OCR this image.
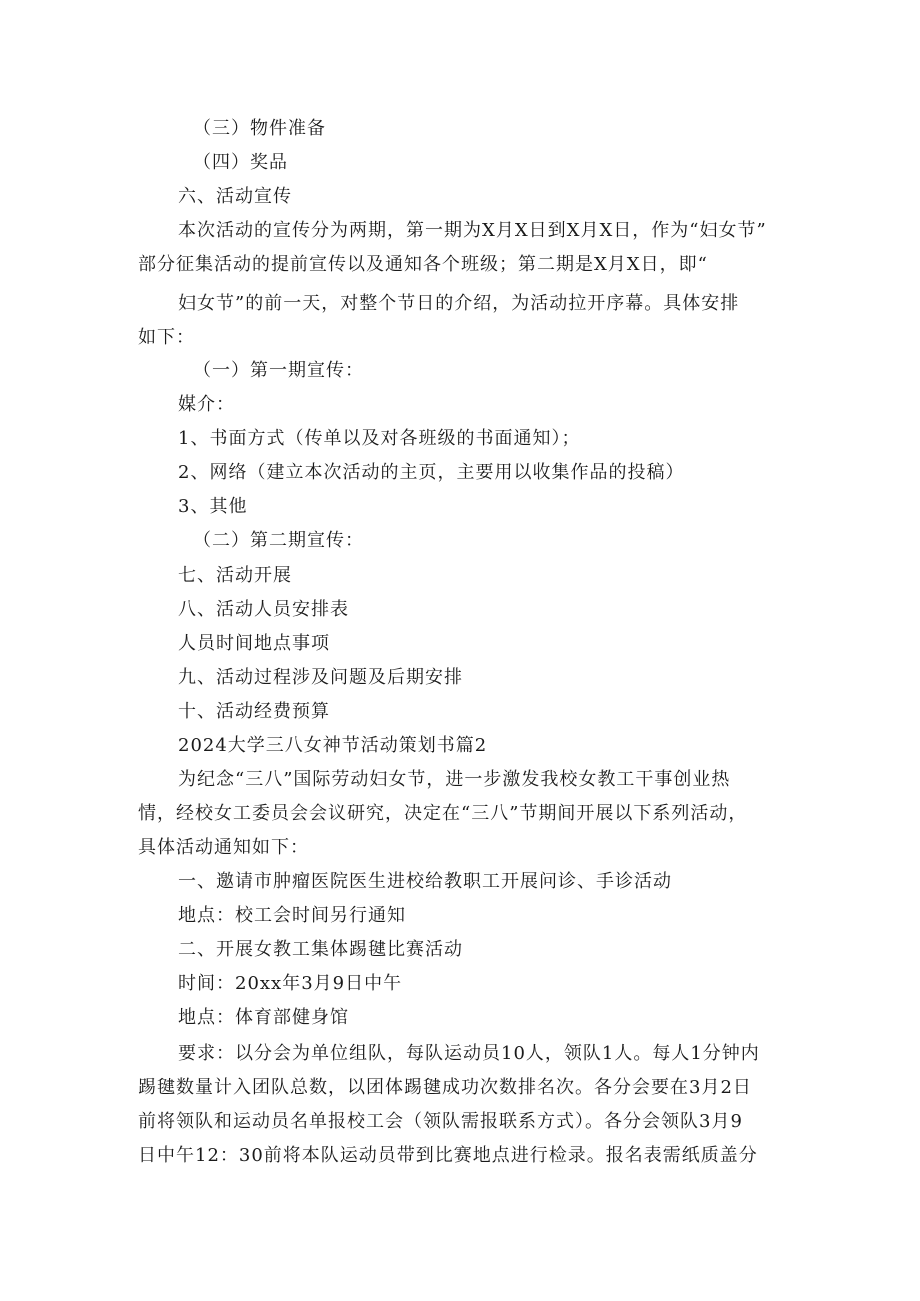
（三）物件准备
（四）奖品
六、活动宣传
本次活动的宣传分为两期，第一期为X月X日到X月X日，作为“妇女节”
部分征集活动的提前宣传以及通知各个班级；第二期是X月X日，即“
妇女节”的前一天，对整个节日的介绍，为活动拉开序幕。具体安排
如下：
（一）第一期宣传：
媒介：
1、书面方式（传单以及对各班级的书面通知）；
2、网络（建立本次活动的主页，主要用以收集作品的投稿）
3、其他
（二）第二期宣传：
七、活动开展
八、活动人员安排表
人员时间地点事项
九、活动过程涉及问题及后期安排
十、活动经费预算
2024大学三八女神节活动策划书篇2
为纪念“三八”国际劳动妇女节，进一步激发我校女教工干事创业热
情，经校女工委员会会议研究，决定在“三八”节期间开展以下系列活动，
具体活动通知如下：
一、邀请市肿瘤医院医生进校给教职工开展问诊、手诊活动
地点：校工会时间另行通知
二、开展女教工集体踢毽比赛活动
时间：20xx年3月9日中午
地点：体育部健身馆
要求：以分会为单位组队，每队运动员10人，领队1人。每人1分钟内
踢毽数量计入团队总数，以团体踢毽成功次数排名次。各分会要在3月2日
前将领队和运动员名单报校工会（领队需报联系方式）。各分会领队3月9
日中午12：30前将本队运动员带到比赛地点进行检录。报名表需纸质盖分
